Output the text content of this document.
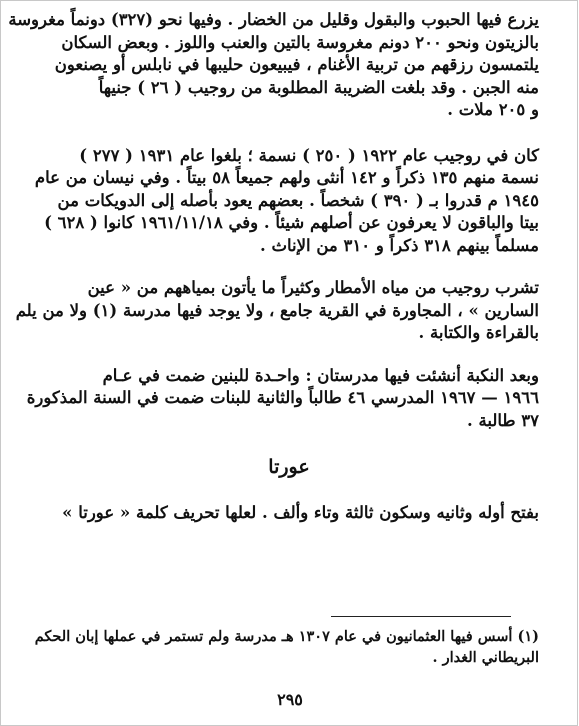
يزرع فيها الحبوب والبقول وقليل من الخضار . وفيها نحو (٣٢٧) دونماً مغروسة
بالزيتون ونحو ٢٠٠ دونم مغروسة بالتين والعنب واللوز . وبعض السكان
يلتمسون رزقهم من تربية الأغنام ، فيبيعون حليبها في نابلس أو يصنعون
منه الجبن . وقد بلغت الضريبة المطلوبة من روجيب ( ٢٦ ) جنيهاً
و ٢٠٥ ملات .

كان في روجيب عام ١٩٢٢ ( ٢٥٠ ) نسمة ؛ بلغوا عام ١٩٣١ ( ٢٧٧ )
نسمة منهم ١٣٥ ذكراً و ١٤٢ أنثى ولهم جميعاً ٥٨ بيتاً . وفي نيسان من عام
١٩٤٥ م قدروا بـ ( ٣٩٠ ) شخصاً . بعضهم يعود بأصله إلى الدويكات من
بيتا والباقون لا يعرفون عن أصلهم شيئاً . وفي ١٩٦١/١١/١٨ كانوا ( ٦٢٨ )
مسلماً بينهم ٣١٨ ذكراً و ٣١٠ من الإناث .

تشرب روجيب من مياه الأمطار وكثيراً ما يأتون بمياههم من « عين
السارين » ، المجاورة في القرية جامع ، ولا يوجد فيها مدرسة (١) ولا من يلم
بالقراءة والكتابة .

وبعد النكبة أنشئت فيها مدرستان : واحـدة للبنين ضمت في عـام
١٩٦٦ — ١٩٦٧ المدرسي ٤٦ طالباً والثانية للبنات ضمت في السنة المذكورة
٣٧ طالبة .

عورتا

بفتح أوله وثانيه وسكون ثالثة وتاء وألف . لعلها تحريف كلمة « عورتا »

(١) أسس فيها العثمانيون في عام ١٣٠٧ هـ مدرسة ولم تستمر في عملها إبان الحكم
البريطاني الغدار .
٢٩٥
